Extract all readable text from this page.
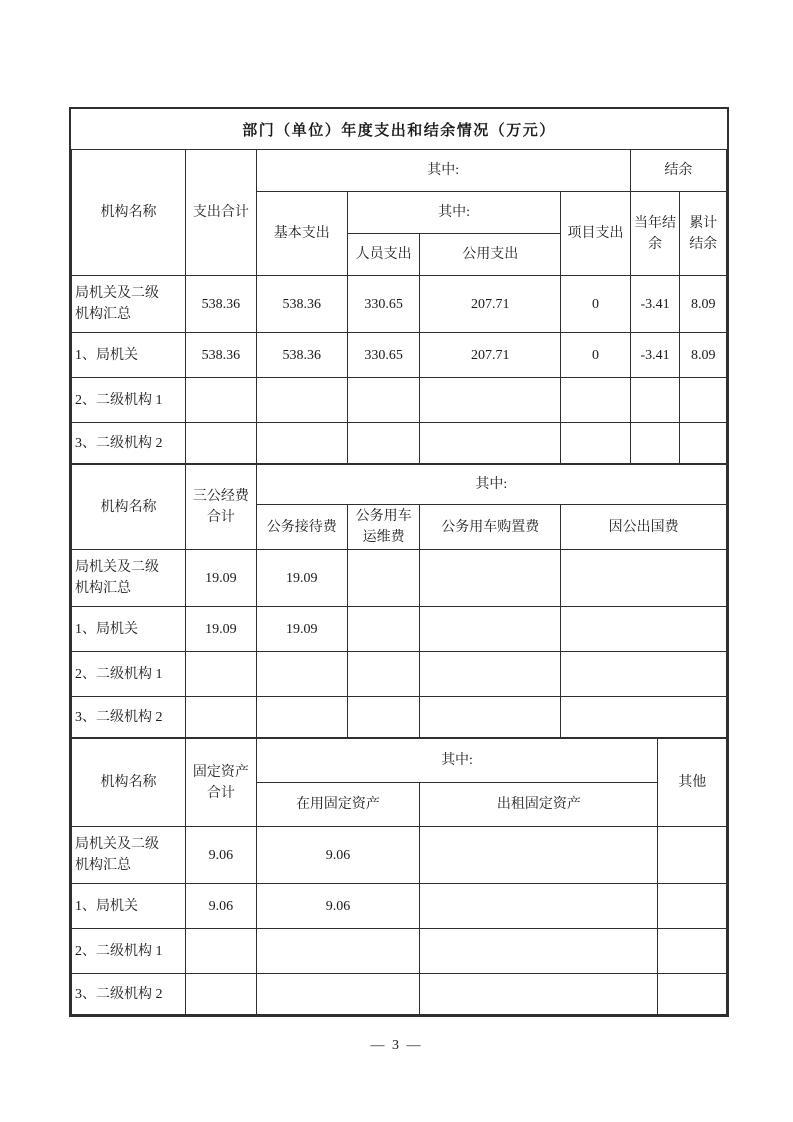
部门（单位）年度支出和结余情况（万元）
机构名称	支出合计	其中:				结余	
		基本支出	其中:		项目支出	当年结余	累计结余
			人员支出	公用支出			
局机关及二级机构汇总	538.36	538.36	330.65	207.71	0	-3.41	8.09
1、局机关	538.36	538.36	330.65	207.71	0	-3.41	8.09
2、二级机构 1							
3、二级机构 2							
机构名称	三公经费合计	其中:			
		公务接待费	公务用车运维费	公务用车购置费	因公出国费
局机关及二级机构汇总	19.09	19.09			
1、局机关	19.09	19.09			
2、二级机构 1					
3、二级机构 2					
机构名称	固定资产合计	其中:		其他
		在用固定资产	出租固定资产	
局机关及二级机构汇总	9.06	9.06		
1、局机关	9.06	9.06		
2、二级机构 1				
3、二级机构 2				
— 3 —
